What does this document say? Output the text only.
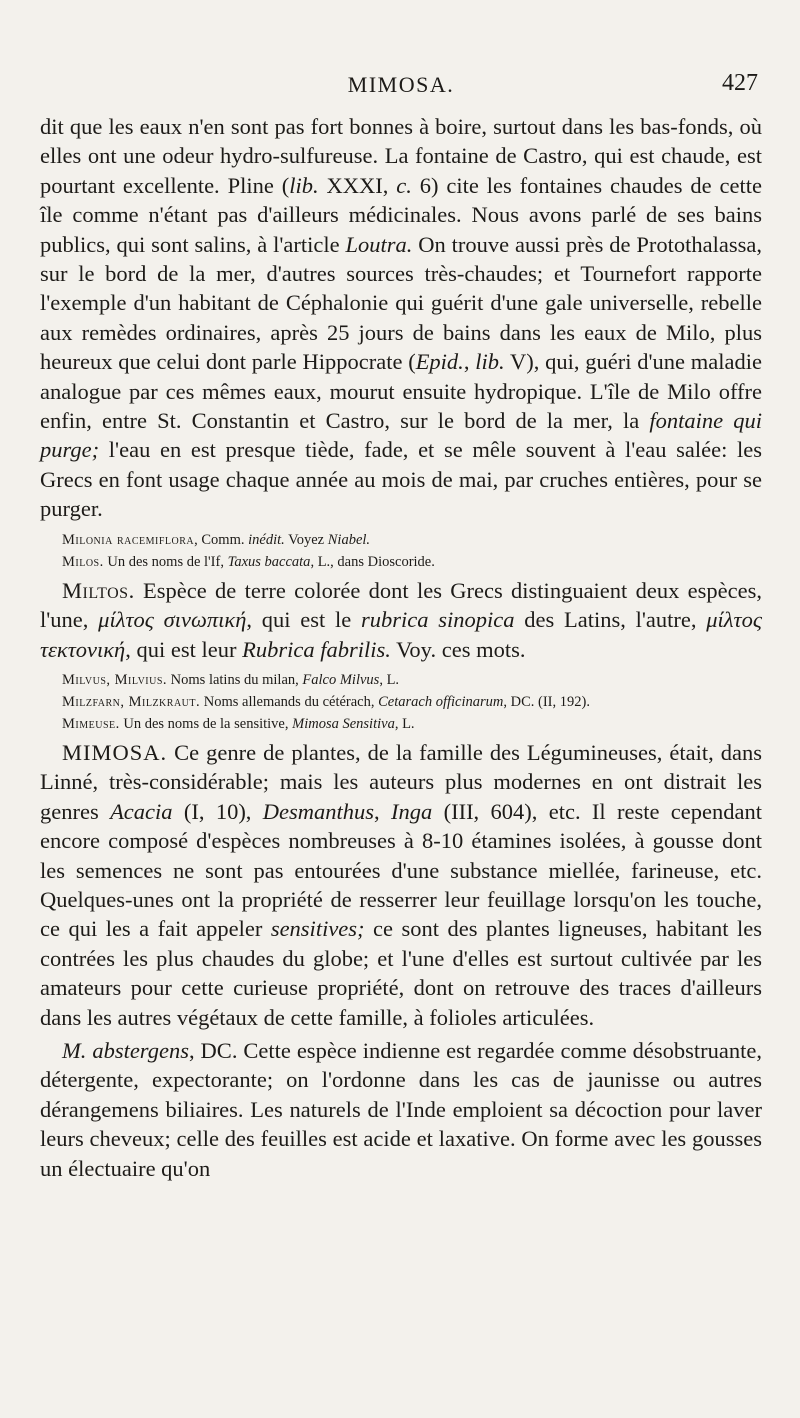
MIMOSA.	427

dit que les eaux n'en sont pas fort bonnes à boire, surtout dans les bas-fonds, où elles ont une odeur hydro-sulfureuse. La fontaine de Castro, qui est chaude, est pourtant excellente. Pline (lib. XXXI, c. 6) cite les fontaines chaudes de cette île comme n'étant pas d'ailleurs médicinales. Nous avons parlé de ses bains publics, qui sont salins, à l'article Loutra. On trouve aussi près de Protothalassa, sur le bord de la mer, d'autres sources très-chaudes; et Tournefort rapporte l'exemple d'un habitant de Céphalonie qui guérit d'une gale universelle, rebelle aux remèdes ordinaires, après 25 jours de bains dans les eaux de Milo, plus heureux que celui dont parle Hippocrate (Epid., lib. V), qui, guéri d'une maladie analogue par ces mêmes eaux, mourut ensuite hydropique. L'île de Milo offre enfin, entre St. Constantin et Castro, sur le bord de la mer, la fontaine qui purge; l'eau en est presque tiède, fade, et se mêle souvent à l'eau salée: les Grecs en font usage chaque année au mois de mai, par cruches entières, pour se purger.

Milonia racemiflora, Comm. inédit. Voyez Niabel.

Milos. Un des noms de l'If, Taxus baccata, L., dans Dioscoride.

Miltos. Espèce de terre colorée dont les Grecs distinguaient deux espèces, l'une, μίλτος σινωπική, qui est le rubrica sinopica des Latins, l'autre, μίλτος τεκτονική, qui est leur Rubrica fabrilis. Voy. ces mots.

Milvus, Milvius. Noms latins du milan, Falco Milvus, L.

Milzfarn, Milzkraut. Noms allemands du cétérach, Cetarach officinarum, DC. (II, 192).

Mimeuse. Un des noms de la sensitive, Mimosa Sensitiva, L.

MIMOSA. Ce genre de plantes, de la famille des Légumineuses, était, dans Linné, très-considérable; mais les auteurs plus modernes en ont distrait les genres Acacia (I, 10), Desmanthus, Inga (III, 604), etc. Il reste cependant encore composé d'espèces nombreuses à 8-10 étamines isolées, à gousse dont les semences ne sont pas entourées d'une substance miellée, farineuse, etc. Quelques-unes ont la propriété de resserrer leur feuillage lorsqu'on les touche, ce qui les a fait appeler sensitives; ce sont des plantes ligneuses, habitant les contrées les plus chaudes du globe; et l'une d'elles est surtout cultivée par les amateurs pour cette curieuse propriété, dont on retrouve des traces d'ailleurs dans les autres végétaux de cette famille, à folioles articulées.

M. abstergens, DC. Cette espèce indienne est regardée comme désobstruante, détergente, expectorante; on l'ordonne dans les cas de jaunisse ou autres dérangemens biliaires. Les naturels de l'Inde emploient sa décoction pour laver leurs cheveux; celle des feuilles est acide et laxative. On forme avec les gousses un électuaire qu'on
